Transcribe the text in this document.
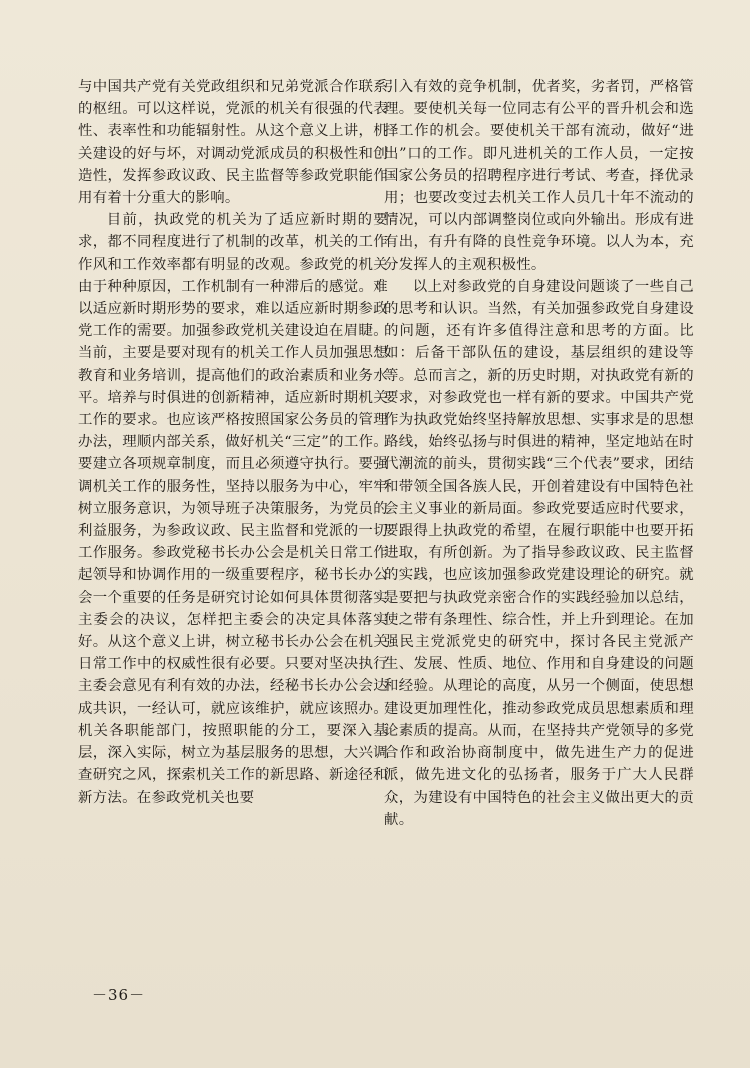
与中国共产党有关党政组织和兄弟党派合作联系的枢纽。可以这样说，党派的机关有很强的代表性、表率性和功能辐射性。从这个意义上讲，机关建设的好与坏，对调动党派成员的积极性和创造性，发挥参政议政、民主监督等参政党职能作用有着十分重大的影响。

目前，执政党的机关为了适应新时期的要求，都不同程度进行了机制的改革，机关的工作作风和工作效率都有明显的改观。参政党的机关由于种种原因，工作机制有一种滞后的感觉。难以适应新时期形势的要求，难以适应新时期参政党工作的需要。加强参政党机关建设迫在眉睫。当前，主要是要对现有的机关工作人员加强思想教育和业务培训，提高他们的政治素质和业务水平。培养与时俱进的创新精神，适应新时期机关工作的要求。也应该严格按照国家公务员的管理办法，理顺内部关系，做好机关“三定”的工作。要建立各项规章制度，而且必须遵守执行。要强调机关工作的服务性，坚持以服务为中心，牢牢树立服务意识，为领导班子决策服务，为党员的利益服务，为参政议政、民主监督和党派的一切工作服务。参政党秘书长办公会是机关日常工作起领导和协调作用的一级重要程序，秘书长办公会一个重要的任务是研究讨论如何具体贯彻落实主委会的决议，怎样把主委会的决定具体落实好。从这个意义上讲，树立秘书长办公会在机关日常工作中的权威性很有必要。只要对坚决执行主委会意见有利有效的办法，经秘书长办公会达成共识，一经认可，就应该维护，就应该照办。机关各职能部门，按照职能的分工，要深入基层，深入实际，树立为基层服务的思想，大兴调查研究之风，探索机关工作的新思路、新途径和新方法。在参政党机关也要

引入有效的竞争机制，优者奖，劣者罚，严格管理。要使机关每一位同志有公平的晋升机会和选择工作的机会。要使机关干部有流动，做好“进出”口的工作。即凡进机关的工作人员，一定按国家公务员的招聘程序进行考试、考查，择优录用；也要改变过去机关工作人员几十年不流动的情况，可以内部调整岗位或向外输出。形成有进有出，有升有降的良性竞争环境。以人为本，充分发挥人的主观积极性。

以上对参政党的自身建设问题谈了一些自己的思考和认识。当然，有关加强参政党自身建设的问题，还有许多值得注意和思考的方面。比如：后备干部队伍的建设，基层组织的建设等等。总而言之，新的历史时期，对执政党有新的要求，对参政党也一样有新的要求。中国共产党作为执政党始终坚持解放思想、实事求是的思想路线，始终弘扬与时俱进的精神，坚定地站在时代潮流的前头，贯彻实践“三个代表”要求，团结和带领全国各族人民，开创着建设有中国特色社会主义事业的新局面。参政党要适应时代要求，要跟得上执政党的希望，在履行职能中也要开拓进取，有所创新。为了指导参政议政、民主监督的实践，也应该加强参政党建设理论的研究。就是要把与执政党亲密合作的实践经验加以总结，使之带有条理性、综合性，并上升到理论。在加强民主党派党史的研究中，探讨各民主党派产生、发展、性质、地位、作用和自身建设的问题和经验。从理论的高度，从另一个侧面，使思想建设更加理性化，推动参政党成员思想素质和理论素质的提高。从而，在坚持共产党领导的多党合作和政治协商制度中，做先进生产力的促进派，做先进文化的弘扬者，服务于广大人民群众，为建设有中国特色的社会主义做出更大的贡献。

－36－
